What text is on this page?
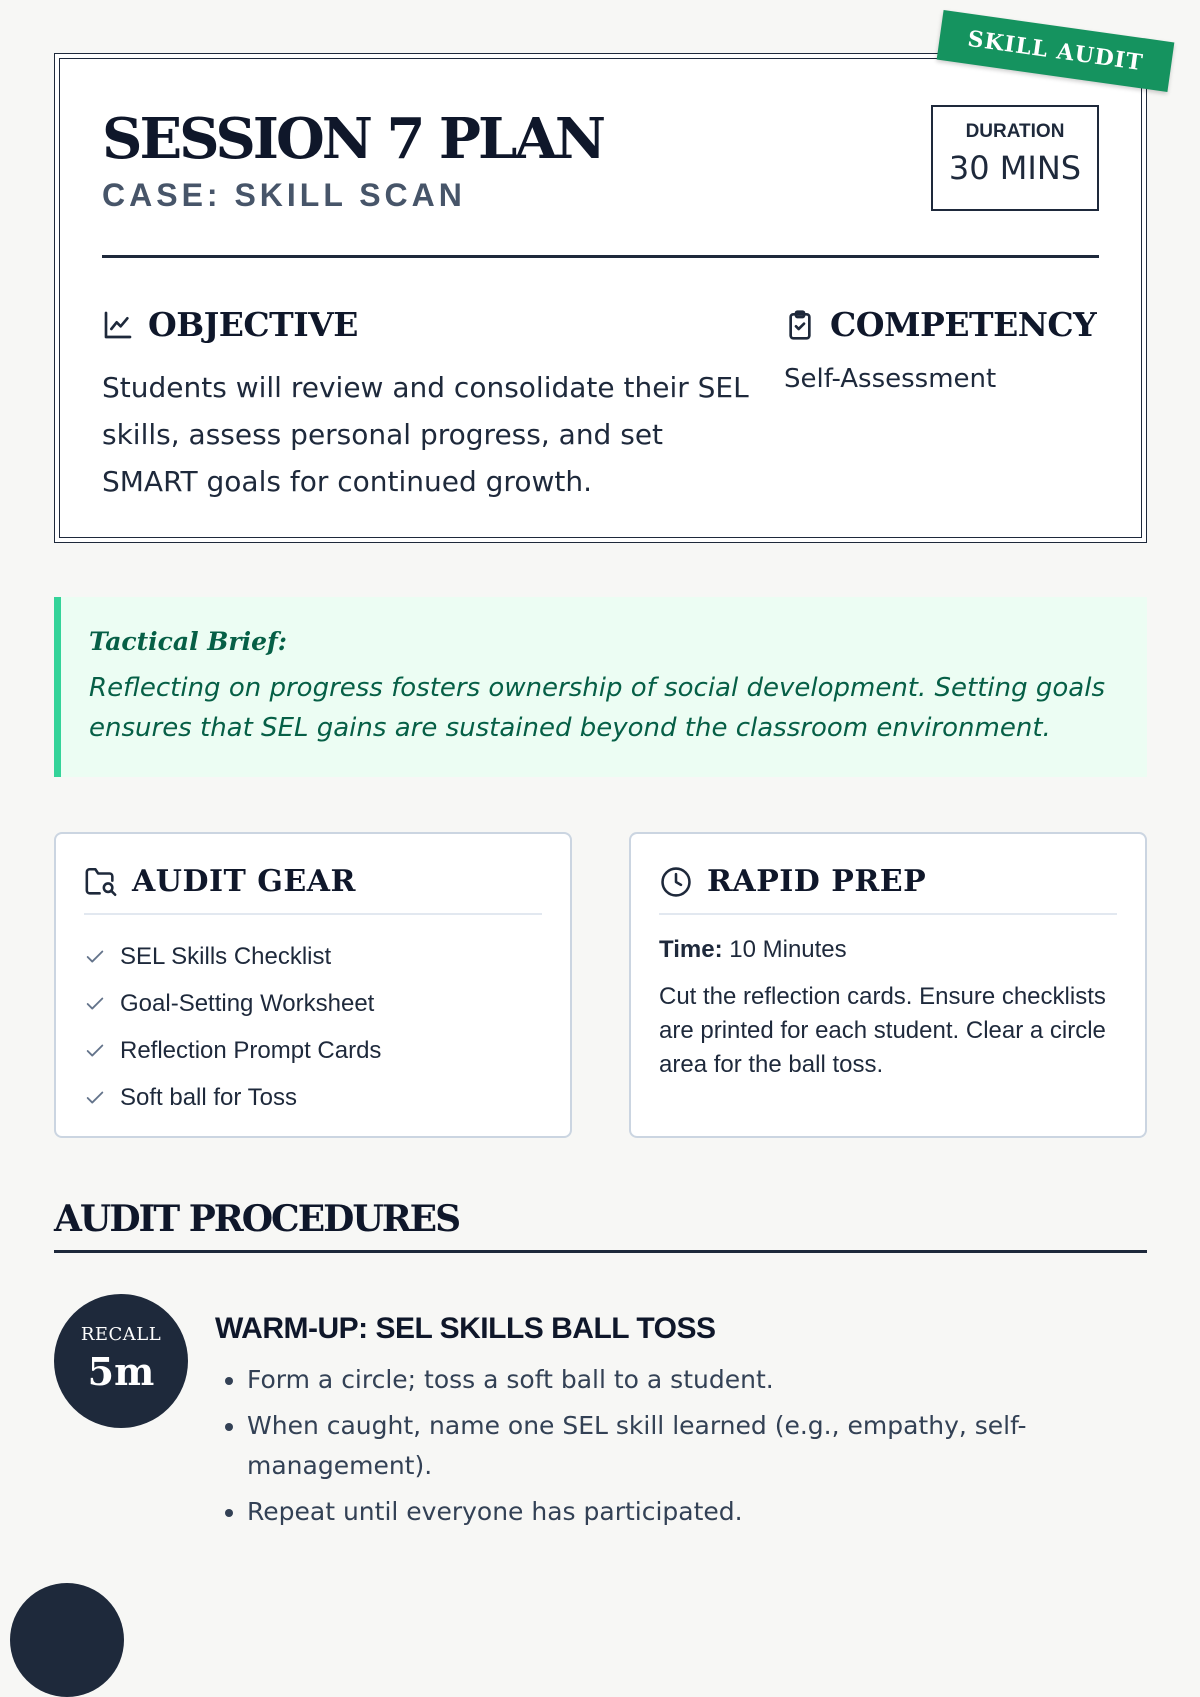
SKILL AUDIT
SESSION 7 PLAN
CASE: SKILL SCAN
DURATION
30 MINS
OBJECTIVE
Students will review and consolidate their SEL skills, assess personal progress, and set SMART goals for continued growth.
COMPETENCY
Self-Assessment
Tactical Brief:
Reflecting on progress fosters ownership of social development. Setting goals ensures that SEL gains are sustained beyond the classroom environment.
AUDIT GEAR
SEL Skills Checklist
Goal-Setting Worksheet
Reflection Prompt Cards
Soft ball for Toss
RAPID PREP
Time: 10 Minutes
Cut the reflection cards. Ensure checklists are printed for each student. Clear a circle area for the ball toss.
AUDIT PROCEDURES
RECALL
5m
WARM-UP: SEL SKILLS BALL TOSS
• Form a circle; toss a soft ball to a student.
• When caught, name one SEL skill learned (e.g., empathy, self-management).
• Repeat until everyone has participated.
